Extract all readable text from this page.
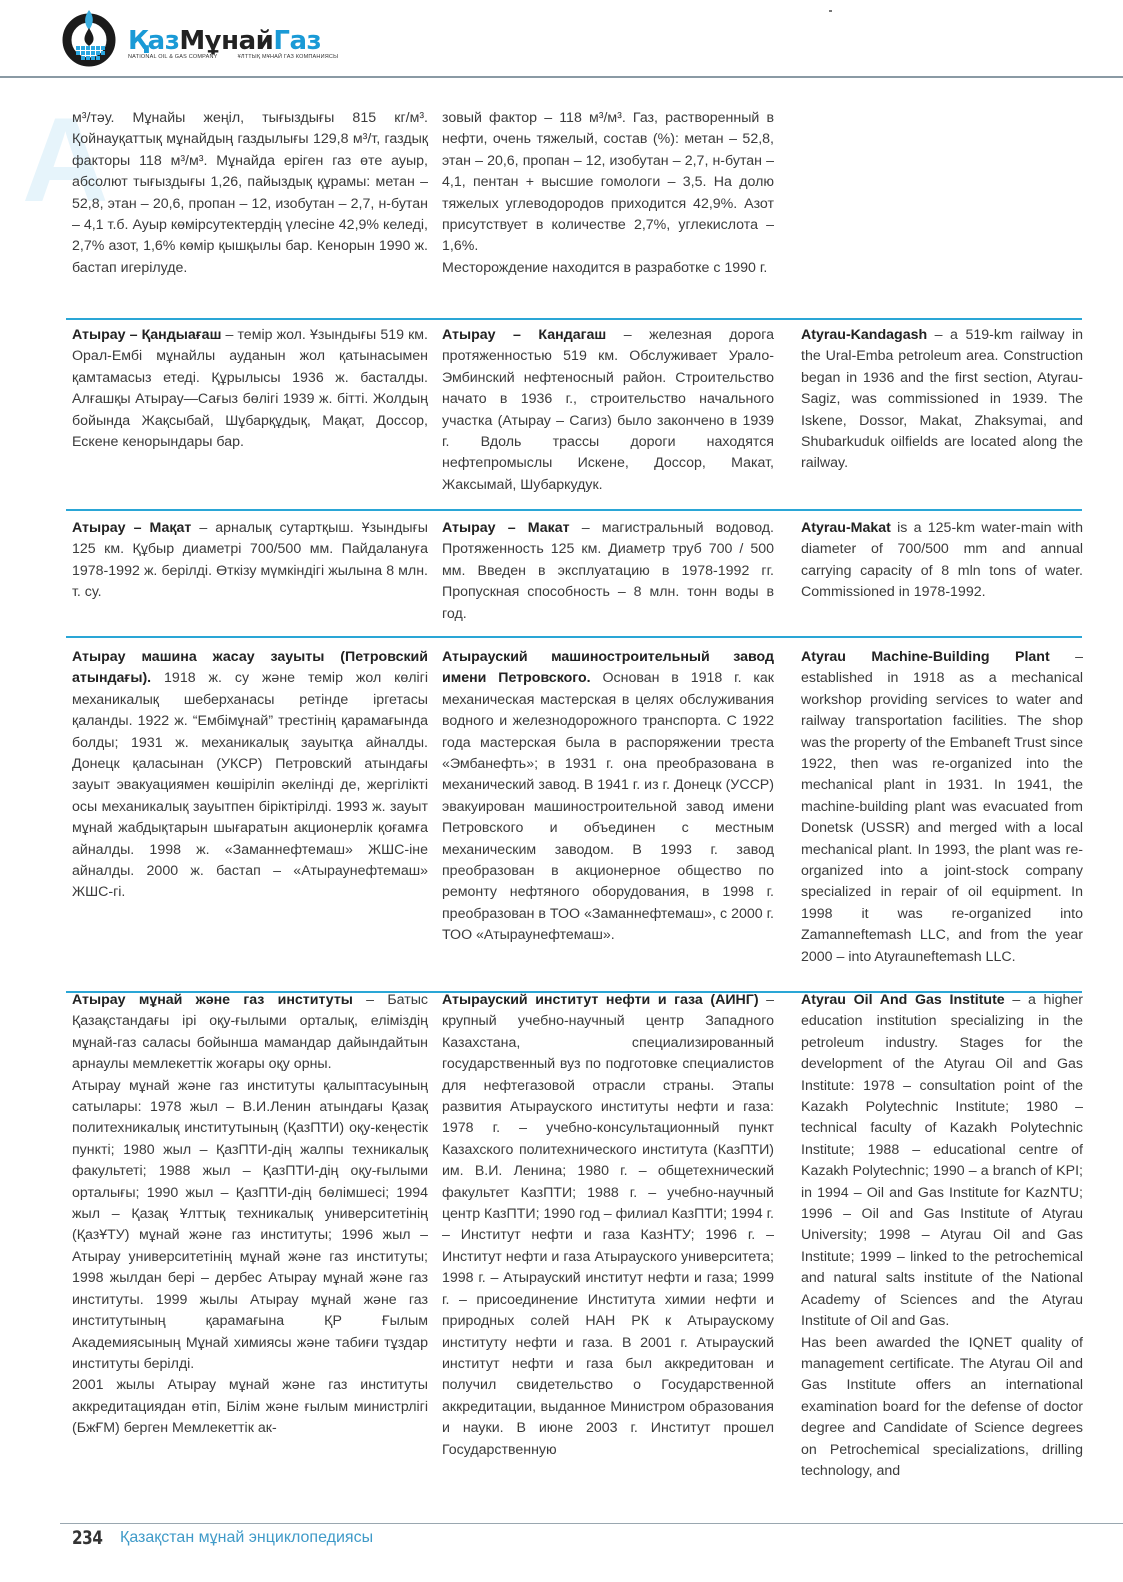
ҚазМұнайГаз
NATIONAL OIL & GAS COMPANY	ҰЛТТЫҚ МҰНАЙ ГАЗ КОМПАНИЯСЫ
A
м³/тəу. Мұнайы жеңіл, тығыздығы 815 кг/м³. Қойнауқаттық мұнайдың газдылығы 129,8 м³/т, газдық факторы 118 м³/м³. Мұнайда еріген газ өте ауыр, абсолют тығыздығы 1,26, пайыздық құрамы: метан – 52,8, этан – 20,6, пропан – 12, изобутан – 2,7, н-бутан – 4,1 т.б. Ауыр көмірсутектердің үлесіне 42,9% келеді, 2,7% азот, 1,6% көмір қышқылы бар. Кенорын 1990 ж. бастап игерілуде.
зовый фактор – 118 м³/м³. Газ, растворенный в нефти, очень тяжелый, состав (%): метан – 52,8, этан – 20,6, пропан – 12, изобутан – 2,7, н-бутан – 4,1, пентан + высшие гомологи – 3,5. На долю тяжелых углеводородов приходится 42,9%. Азот присутствует в количестве 2,7%, углекислота – 1,6%.
Месторождение находится в разработке с 1990 г.
Атырау – Қандыағаш – темір жол. Ұзындығы 519 км. Орал-Ембі мұнайлы ауданын жол қатынасымен қамтамасыз етеді. Құрылысы 1936 ж. басталды. Алғашқы Атырау—Сағыз бөлігі 1939 ж. бітті. Жолдың бойында Жақсыбай, Шұбарқұдық, Мақат, Доссор, Ескене кенорындары бар.
Атырау – Кандагаш – железная дорога протяженностью 519 км. Обслуживает Урало-Эмбинский нефтеносный район. Строительство начато в 1936 г., строительство начального участка (Атырау – Сагиз) было закончено в 1939 г. Вдоль трассы дороги находятся нефтепромыслы Искене, Доссор, Макат, Жаксымай, Шубаркудук.
Atyrau-Kandagash – a 519-km railway in the Ural-Emba petroleum area. Construction began in 1936 and the first section, Atyrau-Sagiz, was commissioned in 1939. The Iskene, Dossor, Makat, Zhaksymai, and Shubarkuduk oilfields are located along the railway.
Атырау – Мақат – арналық сутартқыш. Ұзындығы 125 км. Құбыр диаметрі 700/500 мм. Пайдалануға 1978-1992 ж. берілді. Өткізу мүмкіндігі жылына 8 млн. т. су.
Атырау – Макат – магистральный водовод. Протяженность 125 км. Диаметр труб 700 / 500 мм. Введен в эксплуатацию в 1978-1992 гг. Пропускная способность – 8 млн. тонн воды в год.
Atyrau-Makat is a 125-km water-main with diameter of 700/500 mm and annual carrying capacity of 8 mln tons of water. Commissioned in 1978-1992.
Атырау машина жасау зауыты (Петровский атындағы). 1918 ж. су жəне темір жол көлігі механикалық шеберханасы ретінде іргетасы қаланды. 1922 ж. “Ембімұнай” трестінің қарамағында болды; 1931 ж. механикалық зауытқа айналды. Донецк қаласынан (УКСР) Петровский атындағы зауыт эвакуациямен көшіріліп əкелінді де, жергілікті осы механикалық зауытпен біріктірілді. 1993 ж. зауыт мұнай жабдықтарын шығаратын акционерлік қоғамға айналды. 1998 ж. «Заманнефтемаш» ЖШС-іне айналды. 2000 ж. бастап – «Атыраунефтемаш» ЖШС-гі.
Атырауский машиностроительный завод имени Петровского. Основан в 1918 г. как механическая мастерская в целях обслуживания водного и железнодорожного транспорта. С 1922 года мастерская была в распоряжении треста «Эмбанефть»; в 1931 г. она преобразована в механический завод. В 1941 г. из г. Донецк (УССР) эвакуирован машиностроительной завод имени Петровского и объединен с местным механическим заводом. В 1993 г. завод преобразован в акционерное общество по ремонту нефтяного оборудования, в 1998 г. преобразован в ТОО «Заманнефтемаш», с 2000 г. ТОО «Атыраунефтемаш».
Atyrau Machine-Building Plant – established in 1918 as a mechanical workshop providing services to water and railway transportation facilities. The shop was the property of the Embaneft Trust since 1922, then was re-organized into the mechanical plant in 1931. In 1941, the machine-building plant was evacuated from Donetsk (USSR) and merged with a local mechanical plant. In 1993, the plant was re-organized into a joint-stock company specialized in repair of oil equipment. In 1998 it was re-organized into Zamanneftemash LLC, and from the year 2000 – into Atyrauneftemash LLC.
Атырау мұнай жəне газ институты – Батыс Қазақстандағы ірі оқу-ғылыми орталық, еліміздің мұнай-газ саласы бойынша мамандар дайындайтын арнаулы мемлекеттік жоғары оқу орны.
Атырау мұнай жəне газ институты қалыптасуының сатылары: 1978 жыл – В.И.Ленин атындағы Қазақ политехникалық институтының (ҚазПТИ) оқу-кеңестік пункті; 1980 жыл – ҚазПТИ-дің жалпы техникалық факультеті; 1988 жыл – ҚазПТИ-дің оқу-ғылыми орталығы; 1990 жыл – ҚазПТИ-дің бөлімшесі; 1994 жыл – Қазақ Ұлттық техникалық университетінің (ҚазҰТУ) мұнай жəне газ институты; 1996 жыл – Атырау университетінің мұнай жəне газ институты; 1998 жылдан бері – дербес Атырау мұнай жəне газ институты. 1999 жылы Атырау мұнай жəне газ институтының қарамағына ҚР Ғылым Академиясының Мұнай химиясы жəне табиғи тұздар институты берілді.
2001 жылы Атырау мұнай жəне газ институты аккредитациядан өтіп, Білім жəне ғылым министрлігі (БжҒМ) берген Мемлекеттік ак-
Атырауский институт нефти и газа (АИНГ) – крупный учебно-научный центр Западного Казахстана, специализированный государственный вуз по подготовке специалистов для нефтегазовой отрасли страны. Этапы развития Атырауского институты нефти и газа: 1978 г. – учебно-консультационный пункт Казахского политехнического института (КазПТИ) им. В.И. Ленина; 1980 г. – общетехнический факультет КазПТИ; 1988 г. – учебно-научный центр КазПТИ; 1990 год – филиал КазПТИ; 1994 г. – Институт нефти и газа КазНТУ; 1996 г. – Институт нефти и газа Атырауского университета; 1998 г. – Атырауский институт нефти и газа; 1999 г. – присоединение Института химии нефти и природных солей НАН РК к Атыраускому институту нефти и газа. В 2001 г. Атырауский институт нефти и газа был аккредитован и получил свидетельство о Государственной аккредитации, выданное Министром образования и науки. В июне 2003 г. Институт прошел Государственную
Atyrau Oil And Gas Institute – a higher education institution specializing in the petroleum industry. Stages for the development of the Atyrau Oil and Gas Institute: 1978 – consultation point of the Kazakh Polytechnic Institute; 1980 – technical faculty of Kazakh Polytechnic Institute; 1988 – educational centre of Kazakh Polytechnic; 1990 – a branch of KPI; in 1994 – Oil and Gas Institute for KazNTU; 1996 – Oil and Gas Institute of Atyrau University; 1998 – Atyrau Oil and Gas Institute; 1999 – linked to the petrochemical and natural salts institute of the National Academy of Sciences and the Atyrau Institute of Oil and Gas.
Has been awarded the IQNET quality of management certificate. The Atyrau Oil and Gas Institute offers an international examination board for the defense of doctor degree and Candidate of Science degrees on Petrochemical specializations, drilling technology, and
234 Қазақстан мұнай энциклопедиясы
